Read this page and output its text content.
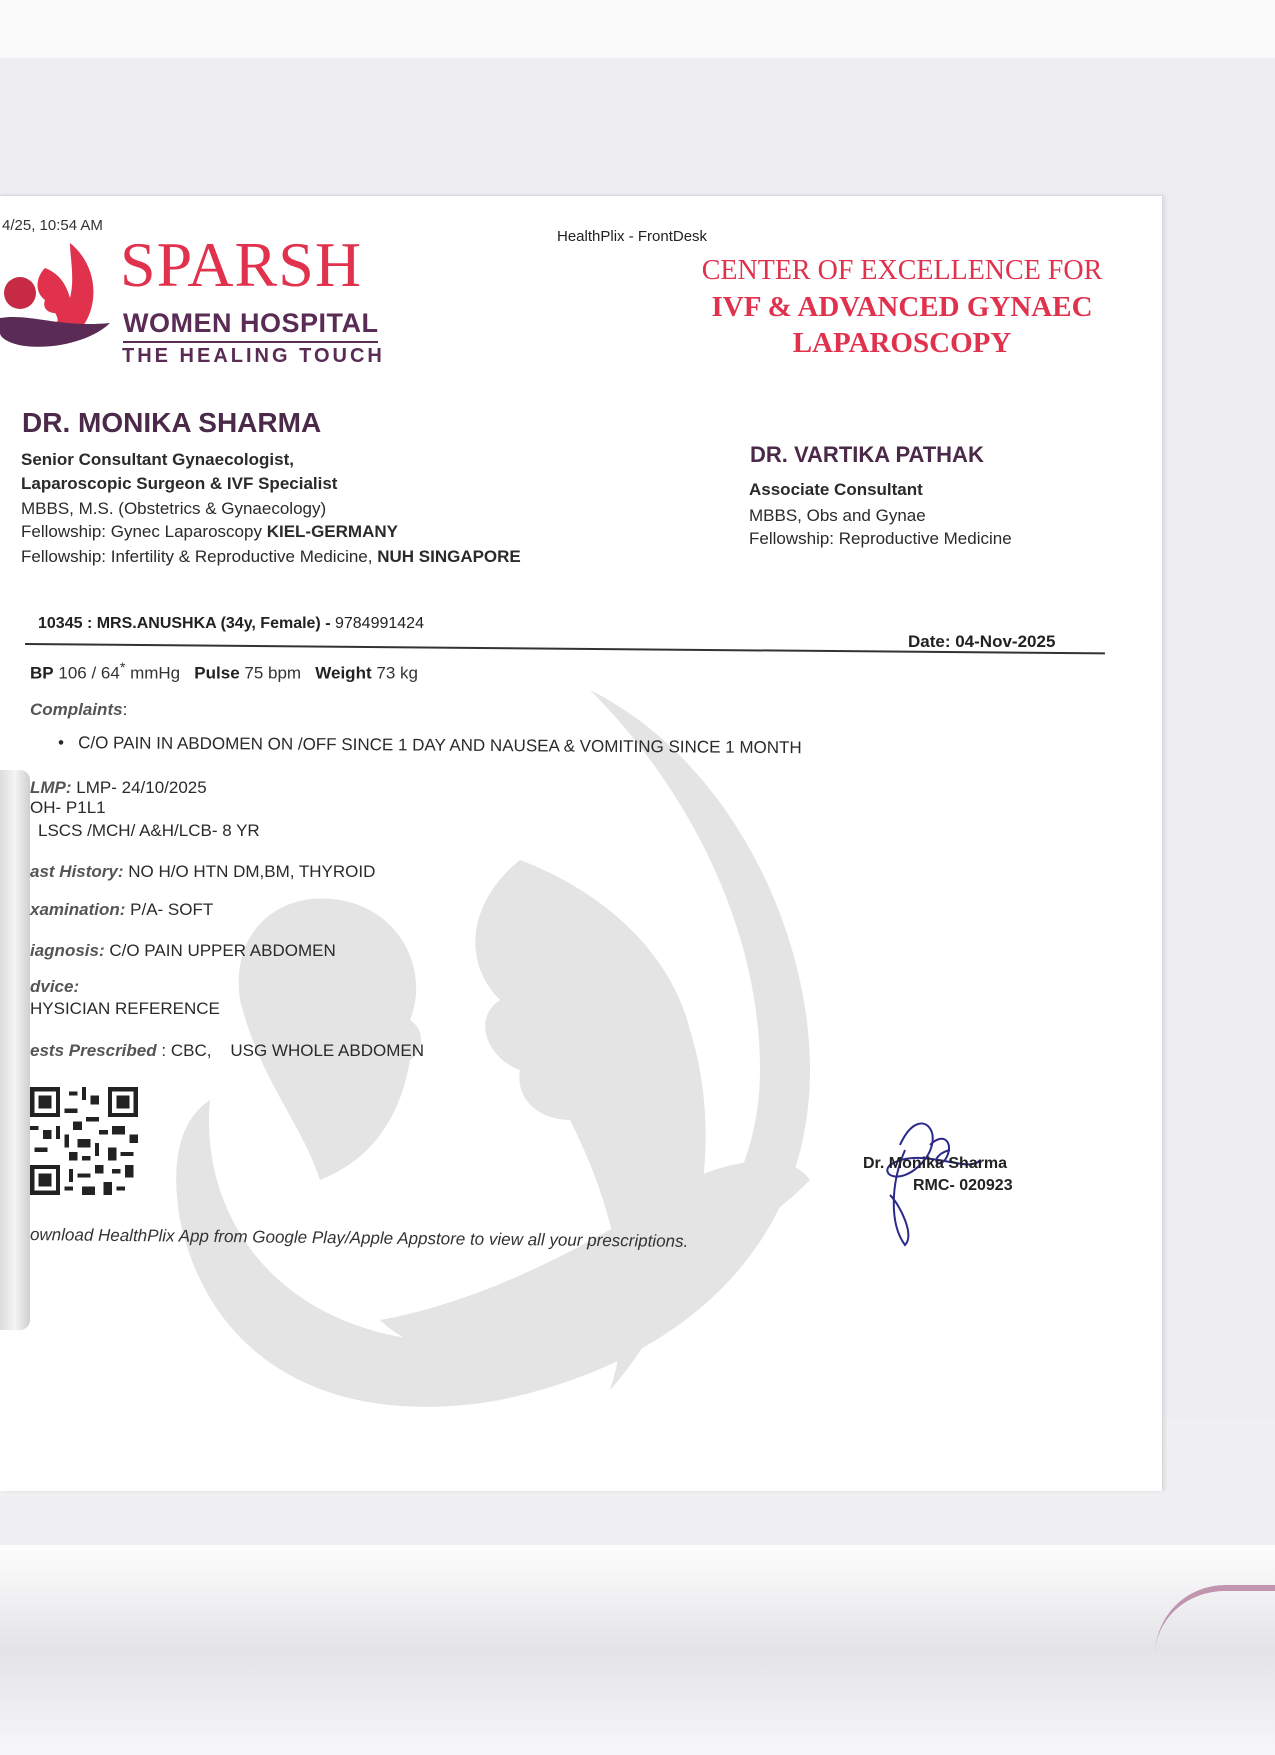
4/25, 10:54 AM
HealthPlix - FrontDesk
SPARSH
WOMEN HOSPITAL
THE HEALING TOUCH
CENTER OF EXCELLENCE FOR
IVF & ADVANCED GYNAEC
LAPAROSCOPY
DR. MONIKA SHARMA
Senior Consultant Gynaecologist,
Laparoscopic Surgeon & IVF Specialist
MBBS, M.S. (Obstetrics & Gynaecology)
Fellowship: Gynec Laparoscopy KIEL-GERMANY
Fellowship: Infertility & Reproductive Medicine, NUH SINGAPORE
DR. VARTIKA PATHAK
Associate Consultant
MBBS, Obs and Gynae
Fellowship: Reproductive Medicine
10345 : MRS.ANUSHKA (34y, Female) - 9784991424
Date: 04-Nov-2025
BP 106 / 64* mmHg Pulse 75 bpm Weight 73 kg
Complaints:
•   C/O PAIN IN ABDOMEN ON /OFF SINCE 1 DAY AND NAUSEA & VOMITING SINCE 1 MONTH
LMP: LMP- 24/10/2025
OH- P1L1
LSCS /MCH/ A&H/LCB- 8 YR
ast History: NO H/O HTN DM,BM, THYROID
xamination: P/A- SOFT
iagnosis: C/O PAIN UPPER ABDOMEN
dvice:
HYSICIAN REFERENCE
ests Prescribed : CBC, USG WHOLE ABDOMEN
ownload HealthPlix App from Google Play/Apple Appstore to view all your prescriptions.
Dr. Monika Sharma
RMC- 020923
